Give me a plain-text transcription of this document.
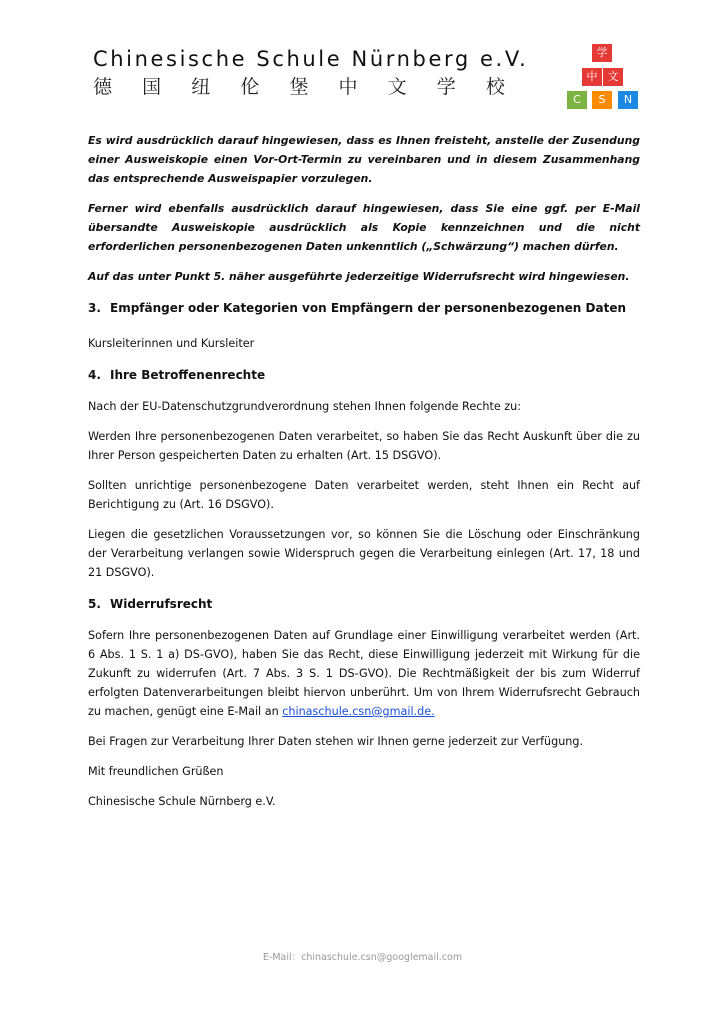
Chinesische Schule Nürnberg e.V.
德 国 纽 伦 堡 中 文 学 校
学
中 文
C	S	N

Es wird ausdrücklich darauf hingewiesen, dass es Ihnen freisteht, anstelle der Zusendung einer Ausweiskopie einen Vor-Ort-Termin zu vereinbaren und in diesem Zusammenhang das entsprechende Ausweispapier vorzulegen.

Ferner wird ebenfalls ausdrücklich darauf hingewiesen, dass Sie eine ggf. per E-Mail übersandte Ausweiskopie ausdrücklich als Kopie kennzeichnen und die nicht erforderlichen personenbezogenen Daten unkenntlich („Schwärzung“) machen dürfen.

Auf das unter Punkt 5. näher ausgeführte jederzeitige Widerrufsrecht wird hingewiesen.

3. Empfänger oder Kategorien von Empfängern der personenbezogenen Daten

Kursleiterinnen und Kursleiter

4. Ihre Betroffenenrechte

Nach der EU-Datenschutzgrundverordnung stehen Ihnen folgende Rechte zu:

Werden Ihre personenbezogenen Daten verarbeitet, so haben Sie das Recht Auskunft über die zu Ihrer Person gespeicherten Daten zu erhalten (Art. 15 DSGVO).

Sollten unrichtige personenbezogene Daten verarbeitet werden, steht Ihnen ein Recht auf Berichtigung zu (Art. 16 DSGVO).

Liegen die gesetzlichen Voraussetzungen vor, so können Sie die Löschung oder Einschränkung der Verarbeitung verlangen sowie Widerspruch gegen die Verarbeitung einlegen (Art. 17, 18 und 21 DSGVO).

5. Widerrufsrecht

Sofern Ihre personenbezogenen Daten auf Grundlage einer Einwilligung verarbeitet werden (Art. 6 Abs. 1 S. 1 a) DS-GVO), haben Sie das Recht, diese Einwilligung jederzeit mit Wirkung für die Zukunft zu widerrufen (Art. 7 Abs. 3 S. 1 DS-GVO). Die Rechtmäßigkeit der bis zum Widerruf erfolgten Datenverarbeitungen bleibt hiervon unberührt. Um von Ihrem Widerrufsrecht Gebrauch zu machen, genügt eine E-Mail an chinaschule.csn@gmail.de.

Bei Fragen zur Verarbeitung Ihrer Daten stehen wir Ihnen gerne jederzeit zur Verfügung.

Mit freundlichen Grüßen

Chinesische Schule Nürnberg e.V.

E-Mail：chinaschule.csn@googlemail.com
